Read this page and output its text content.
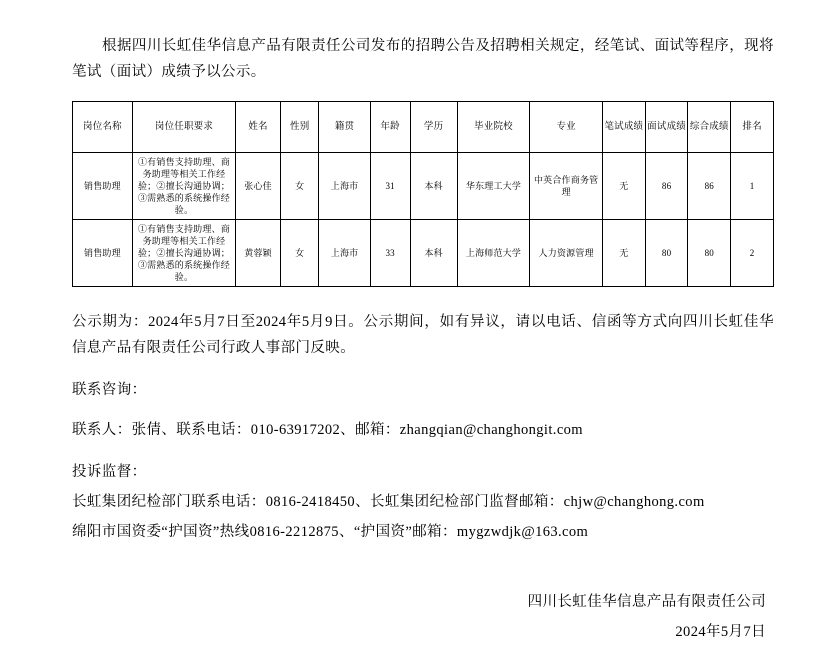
根据四川长虹佳华信息产品有限责任公司发布的招聘公告及招聘相关规定，经笔试、面试等程序，现将笔试（面试）成绩予以公示。

岗位名称	岗位任职要求	姓名	性别	籍贯	年龄	学历	毕业院校	专业	笔试成绩	面试成绩	综合成绩	排名
销售助理	①有销售支持助理、商务助理等相关工作经验；②擅长沟通协调；③需熟悉的系统操作经验。	张心佳	女	上海市	31	本科	华东理工大学	中英合作商务管理	无	86	86	1
销售助理	①有销售支持助理、商务助理等相关工作经验；②擅长沟通协调；③需熟悉的系统操作经验。	黄蓉颖	女	上海市	33	本科	上海师范大学	人力资源管理	无	80	80	2

公示期为：2024年5月7日至2024年5月9日。公示期间，如有异议，请以电话、信函等方式向四川长虹佳华信息产品有限责任公司行政人事部门反映。

联系咨询：

联系人：张倩、联系电话：010-63917202、邮箱：zhangqian@changhongit.com

投诉监督：

长虹集团纪检部门联系电话：0816-2418450、长虹集团纪检部门监督邮箱：chjw@changhong.com

绵阳市国资委“护国资”热线0816-2212875、“护国资”邮箱：mygzwdjk@163.com

四川长虹佳华信息产品有限责任公司
2024年5月7日
